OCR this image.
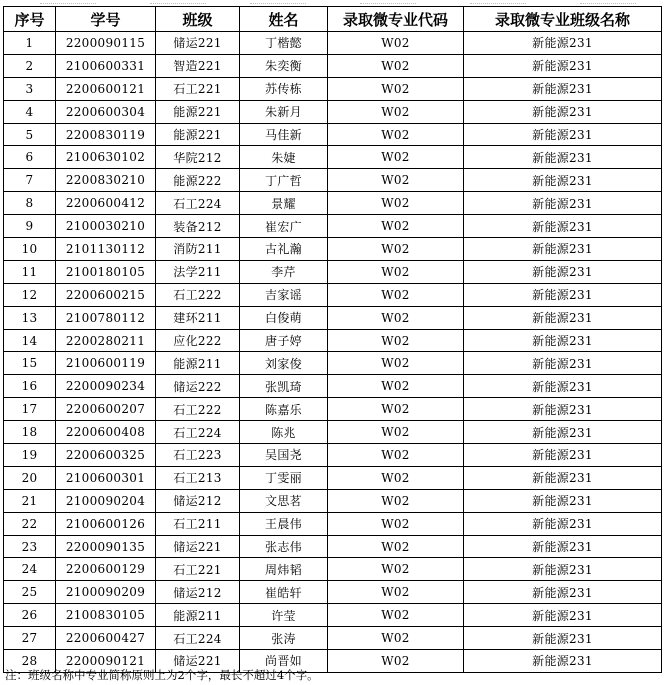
序号	学号	班级	姓名	录取微专业代码	录取微专业班级名称
1	2200090115	储运221	丁楷懿	W02	新能源231
2	2100600331	智造221	朱奕衡	W02	新能源231
3	2200600121	石工221	苏传栋	W02	新能源231
4	2200600304	能源221	朱新月	W02	新能源231
5	2200830119	能源221	马佳新	W02	新能源231
6	2100630102	华院212	朱婕	W02	新能源231
7	2200830210	能源222	丁广哲	W02	新能源231
8	2200600412	石工224	景耀	W02	新能源231
9	2100030210	装备212	崔宏广	W02	新能源231
10	2101130112	消防211	古礼瀚	W02	新能源231
11	2100180105	法学211	李芹	W02	新能源231
12	2200600215	石工222	吉家谣	W02	新能源231
13	2100780112	建环211	白俊萌	W02	新能源231
14	2200280211	应化222	唐子婷	W02	新能源231
15	2100600119	能源211	刘家俊	W02	新能源231
16	2200090234	储运222	张凯琦	W02	新能源231
17	2200600207	石工222	陈嘉乐	W02	新能源231
18	2200600408	石工224	陈兆	W02	新能源231
19	2200600325	石工223	吴国尧	W02	新能源231
20	2100600301	石工213	丁雯丽	W02	新能源231
21	2100090204	储运212	文思茗	W02	新能源231
22	2100600126	石工211	王晨伟	W02	新能源231
23	2200090135	储运221	张志伟	W02	新能源231
24	2200600129	石工221	周炜韬	W02	新能源231
25	2100090209	储运212	崔皓轩	W02	新能源231
26	2100830105	能源211	许莹	W02	新能源231
27	2200600427	石工224	张涛	W02	新能源231
28	2200090121	储运221	尚晋如	W02	新能源231
注：班级名称中专业简称原则上为2个字，最长不超过4个字。
